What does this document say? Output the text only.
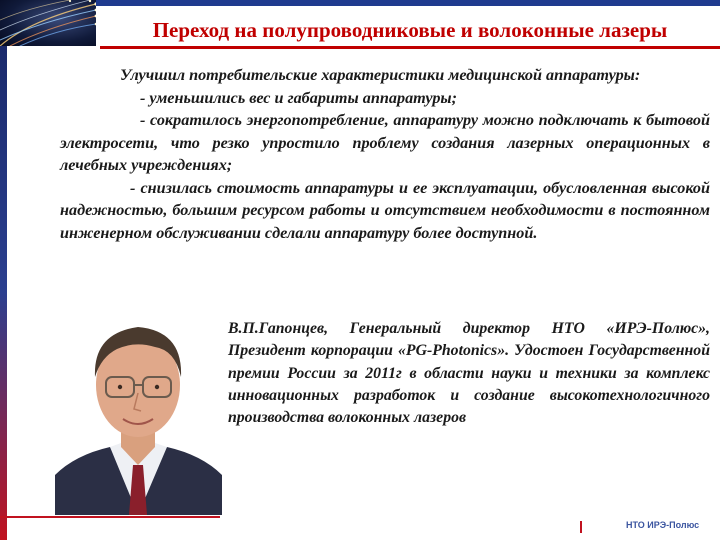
Переход на полупроводниковые и волоконные лазеры

Улучшил потребительские характеристики медицинской аппаратуры:

- уменьшились вес и габариты аппаратуры;

- сократилось энергопотребление, аппаратуру можно подключать к бытовой электросети, что резко упростило проблему создания лазерных операционных в лечебных учреждениях;

- снизилась стоимость аппаратуры и ее эксплуатации, обусловленная высокой надежностью, большим ресурсом работы и отсутствием необходимости в постоянном инженерном обслуживании сделали аппаратуру более доступной.

В.П.Гапонцев, Генеральный директор НТО «ИРЭ-Полюс», Президент корпорации «PG-Photonics». Удостоен Государственной премии России за 2011г в области науки и техники за комплекс инновационных разработок и создание высокотехнологичного производства волоконных лазеров
НТО ИРЭ-Полюс
